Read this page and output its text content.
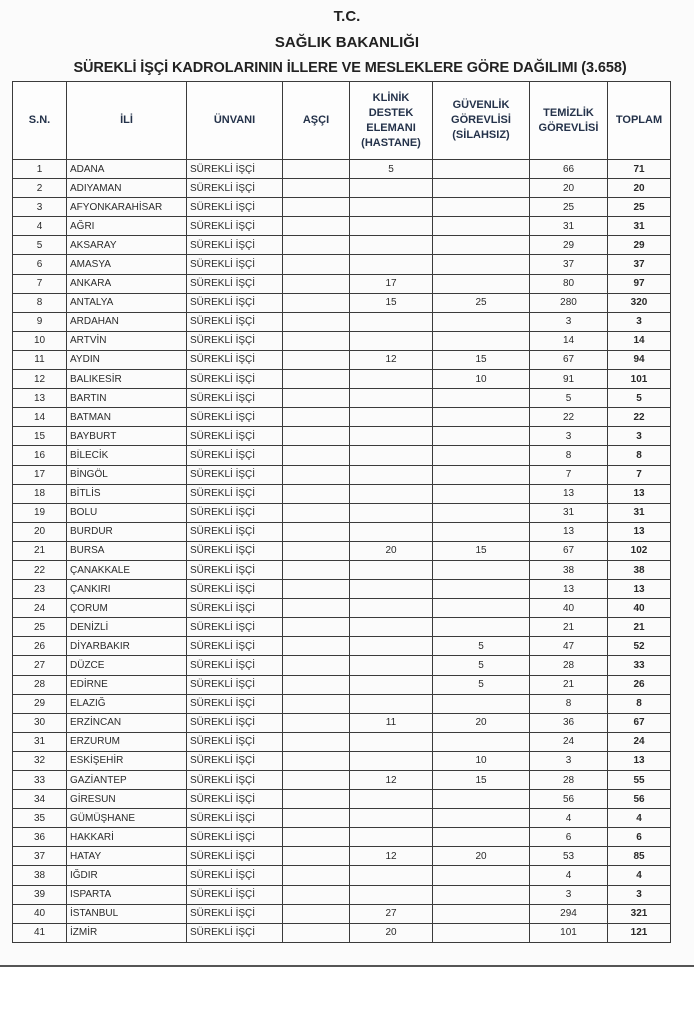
T.C.
SAĞLIK BAKANLIĞI
SÜREKLİ İŞÇİ KADROLARININ İLLERE VE MESLEKLERE GÖRE DAĞILIMI (3.658)
S.N.	İLİ	ÜNVANI	AŞÇI	KLİNİK DESTEK ELEMANI (HASTANE)	GÜVENLİK GÖREVLİSİ (SİLAHSIZ)	TEMİZLİK GÖREVLİSİ	TOPLAM
1	ADANA	SÜREKLİ İŞÇİ		5		66	71
2	ADIYAMAN	SÜREKLİ İŞÇİ				20	20
3	AFYONKARAHİSAR	SÜREKLİ İŞÇİ				25	25
4	AĞRI	SÜREKLİ İŞÇİ				31	31
5	AKSARAY	SÜREKLİ İŞÇİ				29	29
6	AMASYA	SÜREKLİ İŞÇİ				37	37
7	ANKARA	SÜREKLİ İŞÇİ		17		80	97
8	ANTALYA	SÜREKLİ İŞÇİ		15	25	280	320
9	ARDAHAN	SÜREKLİ İŞÇİ				3	3
10	ARTVİN	SÜREKLİ İŞÇİ				14	14
11	AYDIN	SÜREKLİ İŞÇİ		12	15	67	94
12	BALIKESİR	SÜREKLİ İŞÇİ			10	91	101
13	BARTIN	SÜREKLİ İŞÇİ				5	5
14	BATMAN	SÜREKLİ İŞÇİ				22	22
15	BAYBURT	SÜREKLİ İŞÇİ				3	3
16	BİLECİK	SÜREKLİ İŞÇİ				8	8
17	BİNGÖL	SÜREKLİ İŞÇİ				7	7
18	BİTLİS	SÜREKLİ İŞÇİ				13	13
19	BOLU	SÜREKLİ İŞÇİ				31	31
20	BURDUR	SÜREKLİ İŞÇİ				13	13
21	BURSA	SÜREKLİ İŞÇİ		20	15	67	102
22	ÇANAKKALE	SÜREKLİ İŞÇİ				38	38
23	ÇANKIRI	SÜREKLİ İŞÇİ				13	13
24	ÇORUM	SÜREKLİ İŞÇİ				40	40
25	DENİZLİ	SÜREKLİ İŞÇİ				21	21
26	DİYARBAKIR	SÜREKLİ İŞÇİ			5	47	52
27	DÜZCE	SÜREKLİ İŞÇİ			5	28	33
28	EDİRNE	SÜREKLİ İŞÇİ			5	21	26
29	ELAZIĞ	SÜREKLİ İŞÇİ				8	8
30	ERZİNCAN	SÜREKLİ İŞÇİ		11	20	36	67
31	ERZURUM	SÜREKLİ İŞÇİ				24	24
32	ESKİŞEHİR	SÜREKLİ İŞÇİ			10	3	13
33	GAZİANTEP	SÜREKLİ İŞÇİ		12	15	28	55
34	GİRESUN	SÜREKLİ İŞÇİ				56	56
35	GÜMÜŞHANE	SÜREKLİ İŞÇİ				4	4
36	HAKKARİ	SÜREKLİ İŞÇİ				6	6
37	HATAY	SÜREKLİ İŞÇİ		12	20	53	85
38	IĞDIR	SÜREKLİ İŞÇİ				4	4
39	ISPARTA	SÜREKLİ İŞÇİ				3	3
40	İSTANBUL	SÜREKLİ İŞÇİ		27		294	321
41	İZMİR	SÜREKLİ İŞÇİ		20		101	121
